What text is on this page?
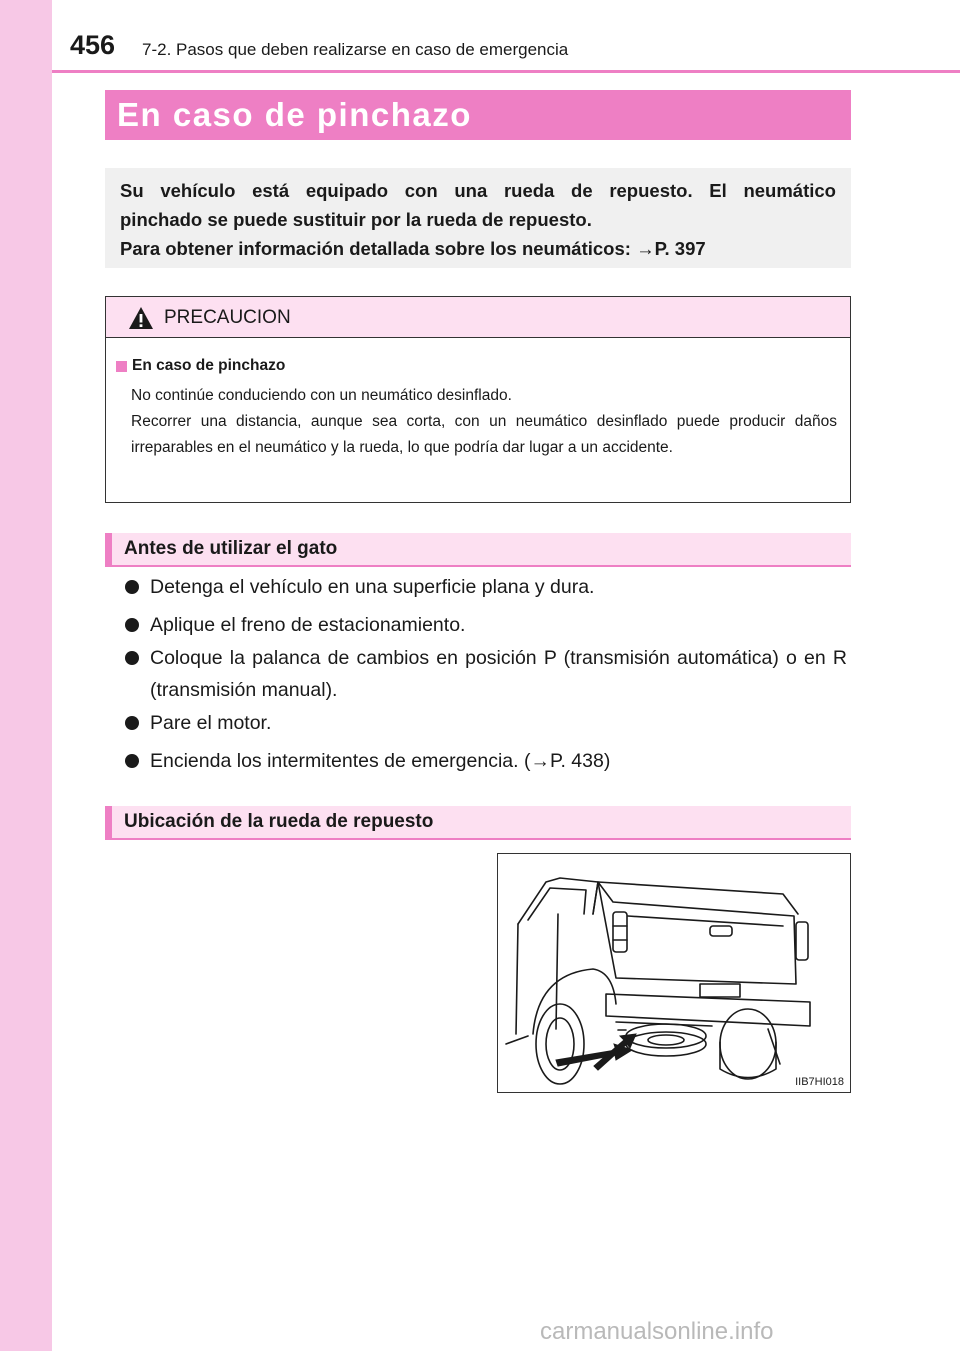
456 7-2. Pasos que deben realizarse en caso de emergencia
En caso de pinchazo

Su vehículo está equipado con una rueda de repuesto. El neumático

pinchado se puede sustituir por la rueda de repuesto.

Para obtener información detallada sobre los neumáticos: →P. 397

PRECAUCION
En caso de pinchazo
No continúe conduciendo con un neumático desinflado.
Recorrer una distancia, aunque sea corta, con un neumático desinflado puede producir daños irreparables en el neumático y la rueda, lo que podría dar lugar a un accidente.
Antes de utilizar el gato
Detenga el vehículo en una superficie plana y dura.
Aplique el freno de estacionamiento.
Coloque la palanca de cambios en posición P (transmisión automática) o en R (transmisión manual).
Pare el motor.
Encienda los intermitentes de emergencia. (→P. 438)
Ubicación de la rueda de repuesto
IIB7HI018
carmanualsonline.info
